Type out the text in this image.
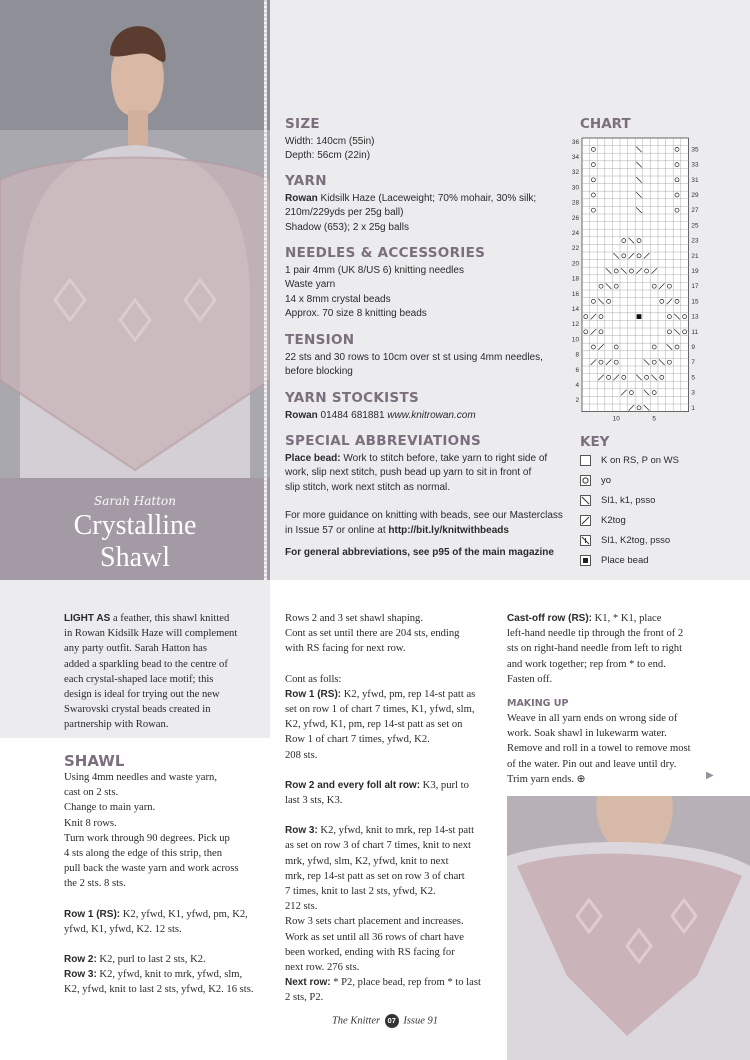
Sarah Hatton
Crystalline
Shawl
SIZE
Width: 140cm (55in)
Depth: 56cm (22in)
YARN
Rowan Kidsilk Haze (Laceweight; 70% mohair, 30% silk;
210m/229yds per 25g ball)
Shadow (653); 2 x 25g balls
NEEDLES & ACCESSORIES
1 pair 4mm (UK 8/US 6) knitting needles
Waste yarn
14 x 8mm crystal beads
Approx. 70 size 8 knitting beads
TENSION
22 sts and 30 rows to 10cm over st st using 4mm needles,
before blocking
YARN STOCKISTS
Rowan 01484 681881 www.knitrowan.com
SPECIAL ABBREVIATIONS
Place bead: Work to stitch before, take yarn to right side of
work, slip next stitch, push bead up yarn to sit in front of
slip stitch, work next stitch as normal.
For more guidance on knitting with beads, see our Masterclass
in Issue 57 or online at http://bit.ly/knitwithbeads
For general abbreviations, see p95 of the main magazine
CHART
36
34
32
30
28
26
24
22
20
18
16
14
12
10
8
6
4
2
35
33
31
29
27
25
23
21
19
17
15
13
11
9
7
5
3
1
10	5
KEY
K on RS, P on WS
yo
Sl1, k1, psso
K2tog
Sl1, K2tog, psso
Place bead
LIGHT AS a feather, this shawl knitted
in Rowan Kidsilk Haze will complement
any party outfit. Sarah Hatton has
added a sparkling bead to the centre of
each crystal-shaped lace motif; this
design is ideal for trying out the new
Swarovski crystal beads created in
partnership with Rowan.
SHAWL
Using 4mm needles and waste yarn,
cast on 2 sts.
Change to main yarn.
Knit 8 rows.
Turn work through 90 degrees. Pick up
4 sts along the edge of this strip, then
pull back the waste yarn and work across
the 2 sts. 8 sts.
Row 1 (RS): K2, yfwd, K1, yfwd, pm, K2,
yfwd, K1, yfwd, K2. 12 sts.
Row 2: K2, purl to last 2 sts, K2.
Row 3: K2, yfwd, knit to mrk, yfwd, slm,
K2, yfwd, knit to last 2 sts, yfwd, K2. 16 sts.
Rows 2 and 3 set shawl shaping.
Cont as set until there are 204 sts, ending
with RS facing for next row.
Cont as folls:
Row 1 (RS): K2, yfwd, pm, rep 14-st patt as
set on row 1 of chart 7 times, K1, yfwd, slm,
K2, yfwd, K1, pm, rep 14-st patt as set on
Row 1 of chart 7 times, yfwd, K2.
208 sts.
Row 2 and every foll alt row: K3, purl to
last 3 sts, K3.
Row 3: K2, yfwd, knit to mrk, rep 14-st patt
as set on row 3 of chart 7 times, knit to next
mrk, yfwd, slm, K2, yfwd, knit to next
mrk, rep 14-st patt as set on row 3 of chart
7 times, knit to last 2 sts, yfwd, K2.
212 sts.
Row 3 sets chart placement and increases.
Work as set until all 36 rows of chart have
been worked, ending with RS facing for
next row. 276 sts.
Next row: * P2, place bead, rep from * to last
2 sts, P2.
Cast-off row (RS): K1, * K1, place
left-hand needle tip through the front of 2
sts on right-hand needle from left to right
and work together; rep from * to end.
Fasten off.
MAKING UP
Weave in all yarn ends on wrong side of
work. Soak shawl in lukewarm water.
Remove and roll in a towel to remove most
of the water. Pin out and leave until dry.
Trim yarn ends. ⊕	▶
The Knitter 07 Issue 91
